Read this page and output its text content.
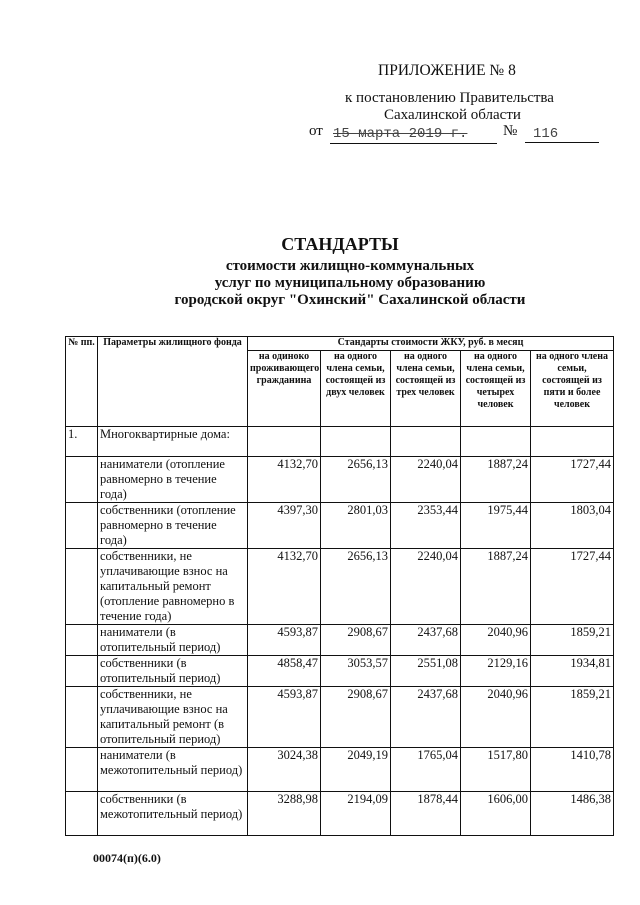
ПРИЛОЖЕНИЕ № 8
к постановлению Правительства
Сахалинской области
от 15 марта 2019 г.	№	116
СТАНДАРТЫ
стоимости жилищно-коммунальных
услуг по муниципальному образованию
городской округ "Охинский" Сахалинской области
№ пп.	Параметры жилищного фонда	Стандарты стоимости ЖКУ, руб. в месяц				
		на одиноко проживающего гражданина	на одного члена семьи, состоящей из двух человек	на одного члена семьи, состоящей из трех человек	на одного члена семьи, состоящей из четырех человек	на одного члена семьи, состоящей из пяти и более человек
1.	Многоквартирные дома:					
	наниматели (отопление равномерно в течение года)	4132,70	2656,13	2240,04	1887,24	1727,44
	собственники (отопление равномерно в течение года)	4397,30	2801,03	2353,44	1975,44	1803,04
	собственники, не уплачивающие взнос на капитальный ремонт (отопление равномерно в течение года)	4132,70	2656,13	2240,04	1887,24	1727,44
	наниматели (в отопительный период)	4593,87	2908,67	2437,68	2040,96	1859,21
	собственники (в отопительный период)	4858,47	3053,57	2551,08	2129,16	1934,81
	собственники, не уплачивающие взнос на капитальный ремонт (в отопительный период)	4593,87	2908,67	2437,68	2040,96	1859,21
	наниматели (в межотопительный период)	3024,38	2049,19	1765,04	1517,80	1410,78
	собственники (в межотопительный период)	3288,98	2194,09	1878,44	1606,00	1486,38
00074(п)(6.0)
